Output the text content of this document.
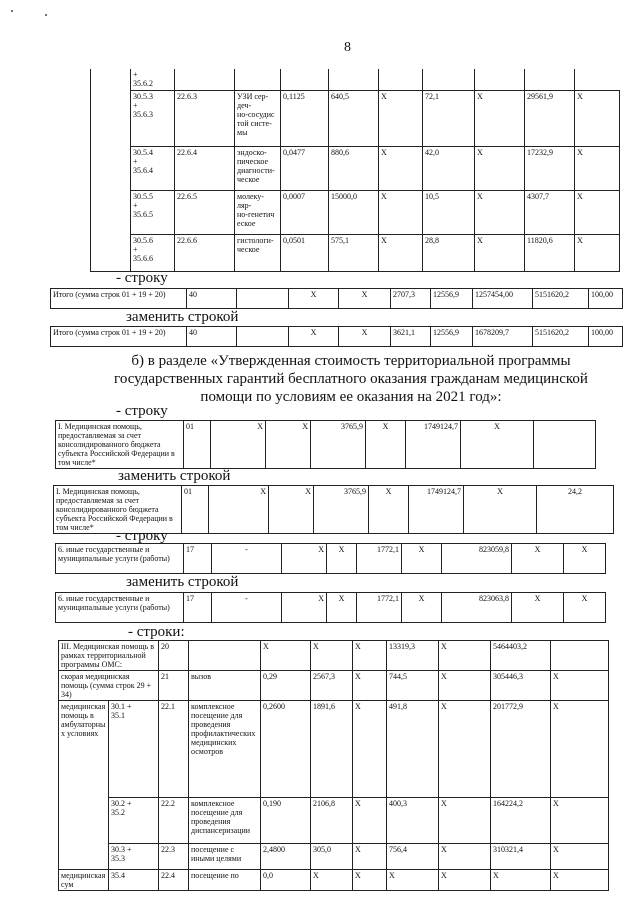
8
	+
35.6.2									
	30.5.3
+
35.6.3	22.6.3	УЗИ сер-
деч-
но-сосудис
той систе-
мы	0,1125	640,5	X	72,1	X	29561,9	X
	30.5.4
+
35.6.4	22.6.4	эндоско-
пическое
диагности-
ческое	0,0477	880,6	X	42,0	X	17232,9	X
	30.5.5
+
35.6.5	22.6.5	молеку-
ляр-
но-генетич
еское	0,0007	15000,0	X	10,5	X	4307,7	X
	30.5.6
+
35.6.6	22.6.6	гистологи-
ческое	0,0501	575,1	X	28,8	X	11820,6	X
- строку
Итого (сумма строк 01 + 19 + 20)	40		X	X	2707,3	12556,9	1257454,00	5151620,2	100,00
заменить строкой
Итого (сумма строк 01 + 19 + 20)	40		X	X	3621,1	12556,9	1678209,7	5151620,2	100,00
б) в разделе «Утвержденная стоимость территориальной программы государственных гарантий бесплатного оказания гражданам медицинской помощи по условиям ее оказания на 2021 год»:
- строку
I. Медицинская помощь, предоставляемая за счет консолидированного бюджета субъекта Российской Федерации в том числе*	01	X	X	3765,9	X	1749124,7	X	
заменить строкой
I. Медицинская помощь, предоставляемая за счет консолидированного бюджета субъекта Российской Федерации в том числе*	01	X	X	3765,9	X	1749124,7	X	24,2
- строку
6. иные государственные и муниципальные услуги (работы)	17	-	X	X	1772,1	X	823059,8	X	X
заменить строкой
6. иные государственные и муниципальные услуги (работы)	17	-	X	X	1772,1	X	823063,8	X	X
- строки:
III. Медицинская помощь в рамках территориальной программы ОМС:		20		X	X	X	13319,3	X	5464403,2	
скорая медицинская помощь (сумма строк 29 + 34)		21	вызов	0,29	2567,3	X	744,5	X	305446,3	X
медицинская помощь в амбулаторных условиях	30.1 +
35.1	22.1	комплексное посещение для проведения профилактических медицинских осмотров	0,2600	1891,6	X	491,8	X	201772,9	X
	30.2 +
35.2	22.2	комплексное посещение для проведения диспансеризации	0,190	2106,8	X	400,3	X	164224,2	X
	30.3 +
35.3	22.3	посещение с иными целями	2,4800	305,0	X	756,4	X	310321,4	X
медицинская сум	35.4	22.4	посещение по	0,0	X	X	X	X	X	X
